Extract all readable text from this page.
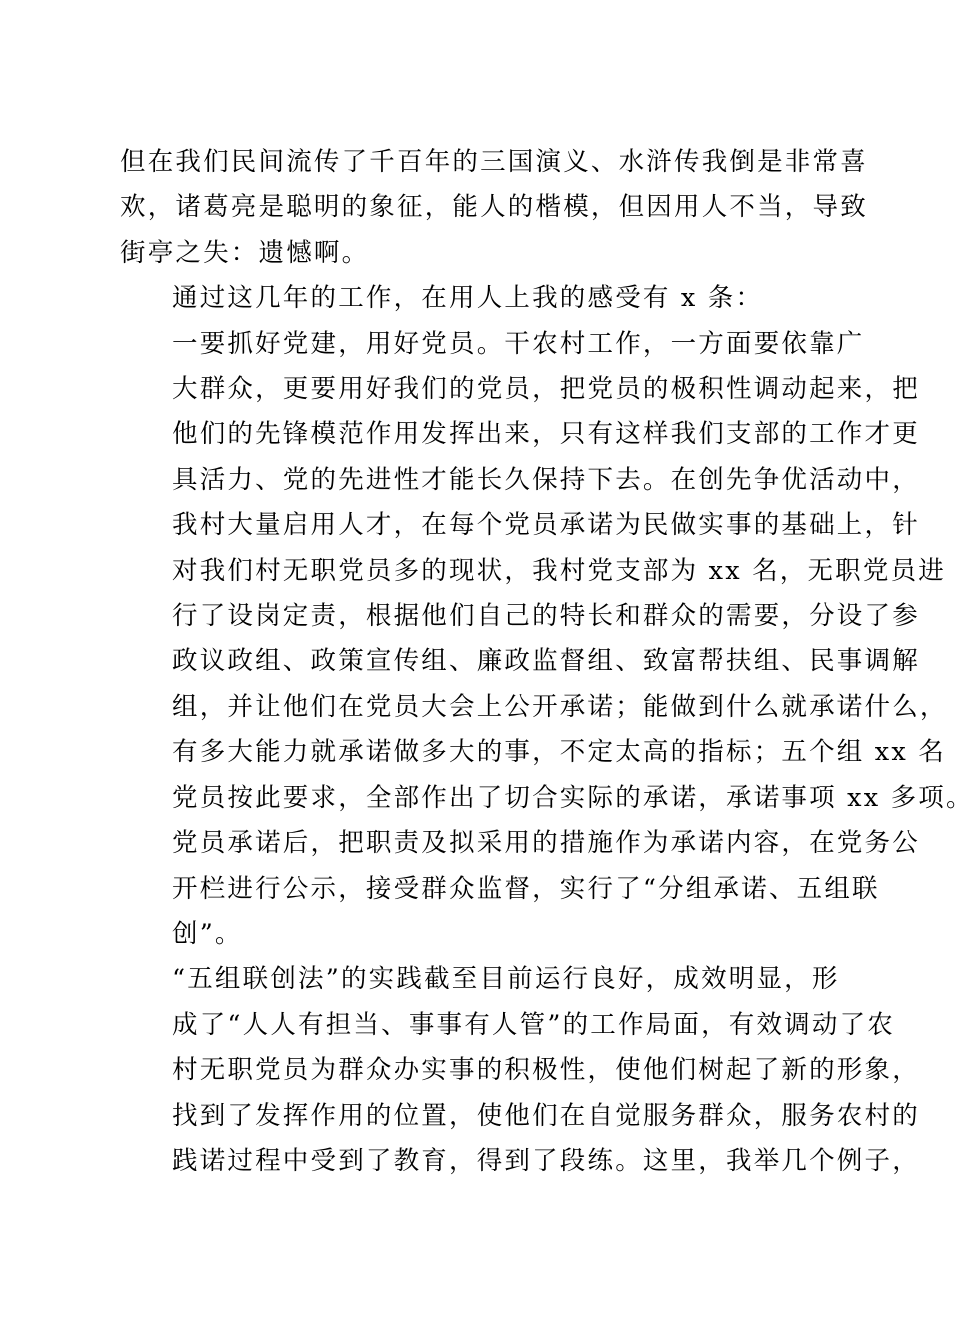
但在我们民间流传了千百年的三国演义、水浒传我倒是非常喜
欢，诸葛亮是聪明的象征，能人的楷模，但因用人不当，导致
街亭之失：遗憾啊。

通过这几年的工作，在用人上我的感受有 x 条：

一要抓好党建，用好党员。干农村工作，一方面要依靠广
大群众，更要用好我们的党员，把党员的极积性调动起来，把
他们的先锋模范作用发挥出来，只有这样我们支部的工作才更
具活力、党的先进性才能长久保持下去。在创先争优活动中，
我村大量启用人才，在每个党员承诺为民做实事的基础上，针
对我们村无职党员多的现状，我村党支部为 xx 名，无职党员进
行了设岗定责，根据他们自己的特长和群众的需要，分设了参
政议政组、政策宣传组、廉政监督组、致富帮扶组、民事调解
组，并让他们在党员大会上公开承诺；能做到什么就承诺什么，
有多大能力就承诺做多大的事，不定太高的指标；五个组 xx 名
党员按此要求，全部作出了切合实际的承诺，承诺事项 xx 多项。
党员承诺后，把职责及拟采用的措施作为承诺内容，在党务公
开栏进行公示，接受群众监督，实行了“分组承诺、五组联
创”。

“五组联创法”的实践截至目前运行良好，成效明显，形
成了“人人有担当、事事有人管”的工作局面，有效调动了农
村无职党员为群众办实事的积极性，使他们树起了新的形象，
找到了发挥作用的位置，使他们在自觉服务群众，服务农村的
践诺过程中受到了教育，得到了段练。这里，我举几个例子，
